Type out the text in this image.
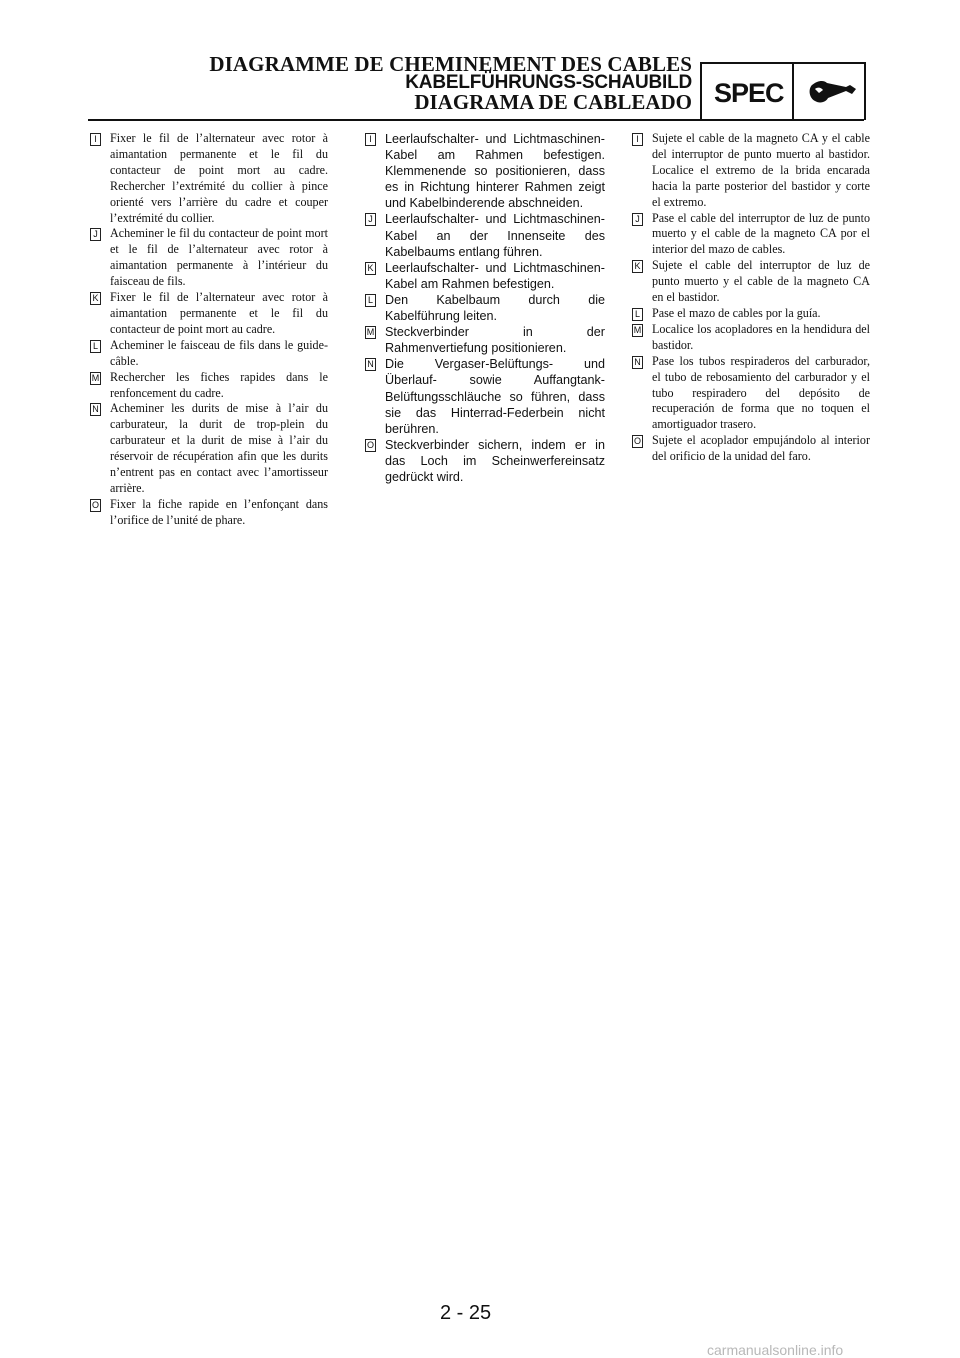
DIAGRAMME DE CHEMINEMENT DES CABLES
KABELFÜHRUNGS-SCHAUBILD
DIAGRAMA DE CABLEADO SPEC

I	Fixer le fil de l’alternateur avec rotor à aimantation permanente et le fil du contacteur de point mort au cadre. Rechercher l’extrémité du collier à pince orienté vers l’arrière du cadre et couper l’extrémité du collier.

J Acheminer le fil du contacteur de point mort et le fil de l’alternateur avec rotor à aimantation permanente à l’intérieur du faisceau de fils.

K Fixer le fil de l’alternateur avec rotor à aimantation permanente et le fil du contacteur de point mort au cadre.

L Acheminer le faisceau de fils dans le guide-câble.

M Rechercher les fiches rapides dans le renfoncement du cadre.

N Acheminer les durits de mise à l’air du carburateur, la durit de trop-plein du carburateur et la durit de mise à l’air du réservoir de récupération afin que les durits n’entrent pas en contact avec l’amortisseur arrière.

O Fixer la fiche rapide en l’enfonçant dans l’orifice de l’unité de phare.

I	Leerlaufschalter- und Lichtmaschinen-Kabel am Rahmen befestigen. Klemmenende so positionieren, dass es in Richtung hinterer Rahmen zeigt und Kabelbinderende abschneiden.

J Leerlaufschalter- und Lichtmaschinen-Kabel an der Innenseite des Kabelbaums entlang führen.

K Leerlaufschalter- und Lichtmaschinen-Kabel am Rahmen befestigen.

L Den Kabelbaum durch die Kabelführung leiten.

M Steckverbinder in der Rahmenvertiefung positionieren.

N Die Vergaser-Belüftungs- und Überlauf- sowie Auffangtank-Belüftungsschläuche so führen, dass sie das Hinterrad-Federbein nicht berühren.

O Steckverbinder sichern, indem er in das Loch im Scheinwerfereinsatz gedrückt wird.

I	Sujete el cable de la magneto CA y el cable del interruptor de punto muerto al bastidor. Localice el extremo de la brida encarada hacia la parte posterior del bastidor y corte el extremo.

J Pase el cable del interruptor de luz de punto muerto y el cable de la magneto CA por el interior del mazo de cables.

K Sujete el cable del interruptor de luz de punto muerto y el cable de la magneto CA en el bastidor.

L Pase el mazo de cables por la guía.

M Localice los acopladores en la hendidura del bastidor.

N Pase los tubos respiraderos del carburador, el tubo de rebosamiento del carburador y el tubo respiradero del depósito de recuperación de forma que no toquen el amortiguador trasero.

O Sujete el acoplador empujándolo al interior del orificio de la unidad del faro.

2 - 25
carmanualsonline.info
